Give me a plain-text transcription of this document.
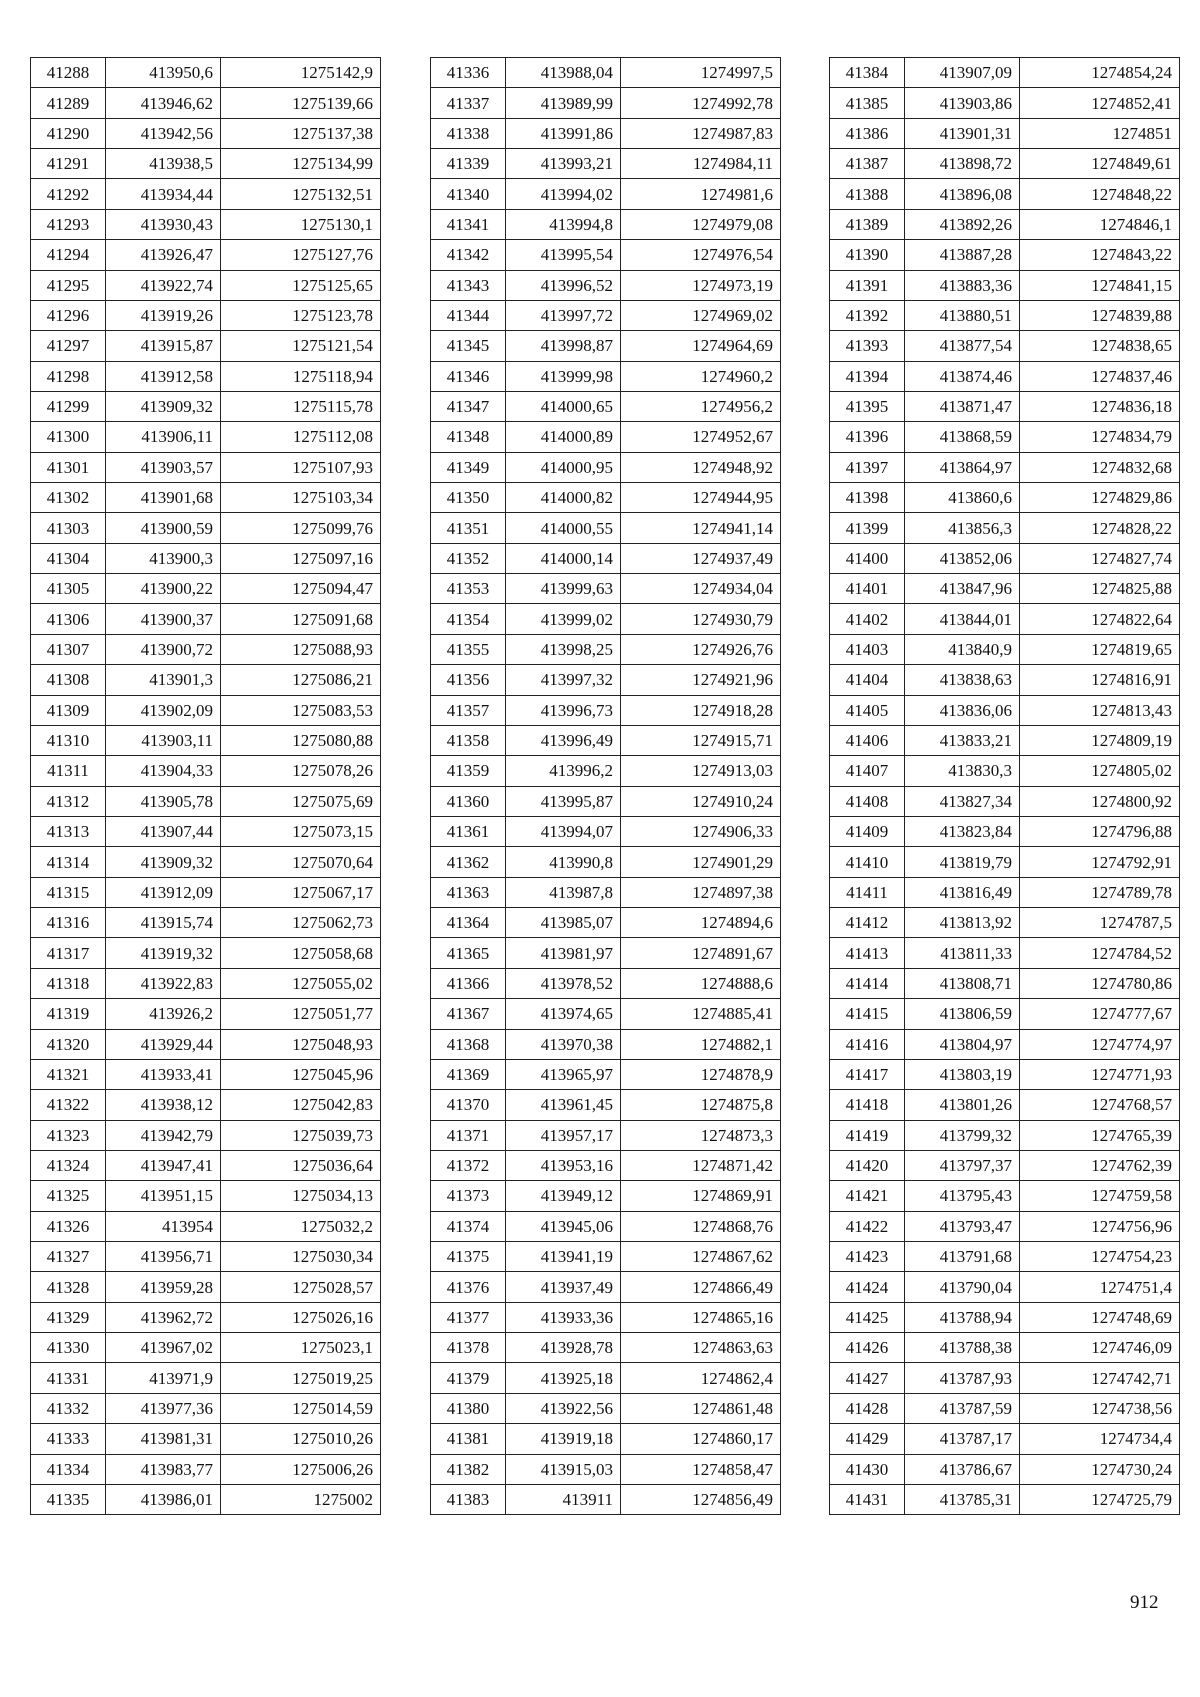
41288	413950,6	1275142,9
41289	413946,62	1275139,66
41290	413942,56	1275137,38
41291	413938,5	1275134,99
41292	413934,44	1275132,51
41293	413930,43	1275130,1
41294	413926,47	1275127,76
41295	413922,74	1275125,65
41296	413919,26	1275123,78
41297	413915,87	1275121,54
41298	413912,58	1275118,94
41299	413909,32	1275115,78
41300	413906,11	1275112,08
41301	413903,57	1275107,93
41302	413901,68	1275103,34
41303	413900,59	1275099,76
41304	413900,3	1275097,16
41305	413900,22	1275094,47
41306	413900,37	1275091,68
41307	413900,72	1275088,93
41308	413901,3	1275086,21
41309	413902,09	1275083,53
41310	413903,11	1275080,88
41311	413904,33	1275078,26
41312	413905,78	1275075,69
41313	413907,44	1275073,15
41314	413909,32	1275070,64
41315	413912,09	1275067,17
41316	413915,74	1275062,73
41317	413919,32	1275058,68
41318	413922,83	1275055,02
41319	413926,2	1275051,77
41320	413929,44	1275048,93
41321	413933,41	1275045,96
41322	413938,12	1275042,83
41323	413942,79	1275039,73
41324	413947,41	1275036,64
41325	413951,15	1275034,13
41326	413954	1275032,2
41327	413956,71	1275030,34
41328	413959,28	1275028,57
41329	413962,72	1275026,16
41330	413967,02	1275023,1
41331	413971,9	1275019,25
41332	413977,36	1275014,59
41333	413981,31	1275010,26
41334	413983,77	1275006,26
41335	413986,01	1275002
41336	413988,04	1274997,5
41337	413989,99	1274992,78
41338	413991,86	1274987,83
41339	413993,21	1274984,11
41340	413994,02	1274981,6
41341	413994,8	1274979,08
41342	413995,54	1274976,54
41343	413996,52	1274973,19
41344	413997,72	1274969,02
41345	413998,87	1274964,69
41346	413999,98	1274960,2
41347	414000,65	1274956,2
41348	414000,89	1274952,67
41349	414000,95	1274948,92
41350	414000,82	1274944,95
41351	414000,55	1274941,14
41352	414000,14	1274937,49
41353	413999,63	1274934,04
41354	413999,02	1274930,79
41355	413998,25	1274926,76
41356	413997,32	1274921,96
41357	413996,73	1274918,28
41358	413996,49	1274915,71
41359	413996,2	1274913,03
41360	413995,87	1274910,24
41361	413994,07	1274906,33
41362	413990,8	1274901,29
41363	413987,8	1274897,38
41364	413985,07	1274894,6
41365	413981,97	1274891,67
41366	413978,52	1274888,6
41367	413974,65	1274885,41
41368	413970,38	1274882,1
41369	413965,97	1274878,9
41370	413961,45	1274875,8
41371	413957,17	1274873,3
41372	413953,16	1274871,42
41373	413949,12	1274869,91
41374	413945,06	1274868,76
41375	413941,19	1274867,62
41376	413937,49	1274866,49
41377	413933,36	1274865,16
41378	413928,78	1274863,63
41379	413925,18	1274862,4
41380	413922,56	1274861,48
41381	413919,18	1274860,17
41382	413915,03	1274858,47
41383	413911	1274856,49
41384	413907,09	1274854,24
41385	413903,86	1274852,41
41386	413901,31	1274851
41387	413898,72	1274849,61
41388	413896,08	1274848,22
41389	413892,26	1274846,1
41390	413887,28	1274843,22
41391	413883,36	1274841,15
41392	413880,51	1274839,88
41393	413877,54	1274838,65
41394	413874,46	1274837,46
41395	413871,47	1274836,18
41396	413868,59	1274834,79
41397	413864,97	1274832,68
41398	413860,6	1274829,86
41399	413856,3	1274828,22
41400	413852,06	1274827,74
41401	413847,96	1274825,88
41402	413844,01	1274822,64
41403	413840,9	1274819,65
41404	413838,63	1274816,91
41405	413836,06	1274813,43
41406	413833,21	1274809,19
41407	413830,3	1274805,02
41408	413827,34	1274800,92
41409	413823,84	1274796,88
41410	413819,79	1274792,91
41411	413816,49	1274789,78
41412	413813,92	1274787,5
41413	413811,33	1274784,52
41414	413808,71	1274780,86
41415	413806,59	1274777,67
41416	413804,97	1274774,97
41417	413803,19	1274771,93
41418	413801,26	1274768,57
41419	413799,32	1274765,39
41420	413797,37	1274762,39
41421	413795,43	1274759,58
41422	413793,47	1274756,96
41423	413791,68	1274754,23
41424	413790,04	1274751,4
41425	413788,94	1274748,69
41426	413788,38	1274746,09
41427	413787,93	1274742,71
41428	413787,59	1274738,56
41429	413787,17	1274734,4
41430	413786,67	1274730,24
41431	413785,31	1274725,79
912
